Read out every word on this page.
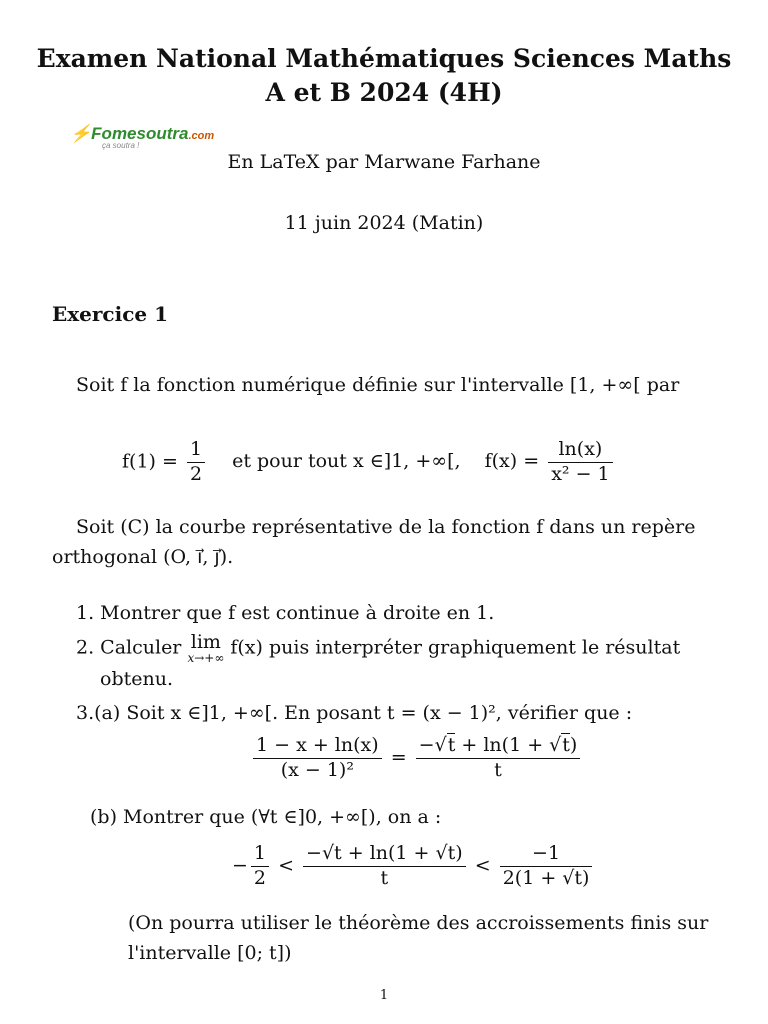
Examen National Mathématiques Sciences Maths
A et B 2024 (4H)
⚡Fomesoutra.com
ça soutra !
En LaTeX par Marwane Farhane
11 juin 2024 (Matin)
Exercice 1
Soit f la fonction numérique définie sur l'intervalle [1, +∞[ par
$f(1) = \frac{1}{2}$ et pour tout x ∈]1, +∞[, $f(x) = \frac{\ln(x)}{\text{x² − 1}}$
Soit (C) la courbe représentative de la fonction f dans un repère
orthogonal (O, i⃗, j⃗).
1. Montrer que f est continue à droite en 1.
2. Calculer lim
x→+∞ f(x) puis interpréter graphiquement le résultat
obtenu.
3.(a) Soit x ∈]1, +∞[. En posant t = (x − 1)², vérifier que :
$\frac{1 - x + \ln(x)}{\text{(x − 1)²}} = \frac{-√t + \ln(1 + √t)}{t}$
(b) Montrer que (∀t ∈]0, +∞[), on a :
− $\frac{1}{2} < \frac{-√t + \ln(1 + √t)}{t} < \frac{-1}{2(1 + √t)}$
(On pourra utiliser le théorème des accroissements finis sur
l'intervalle [0; t])
1
